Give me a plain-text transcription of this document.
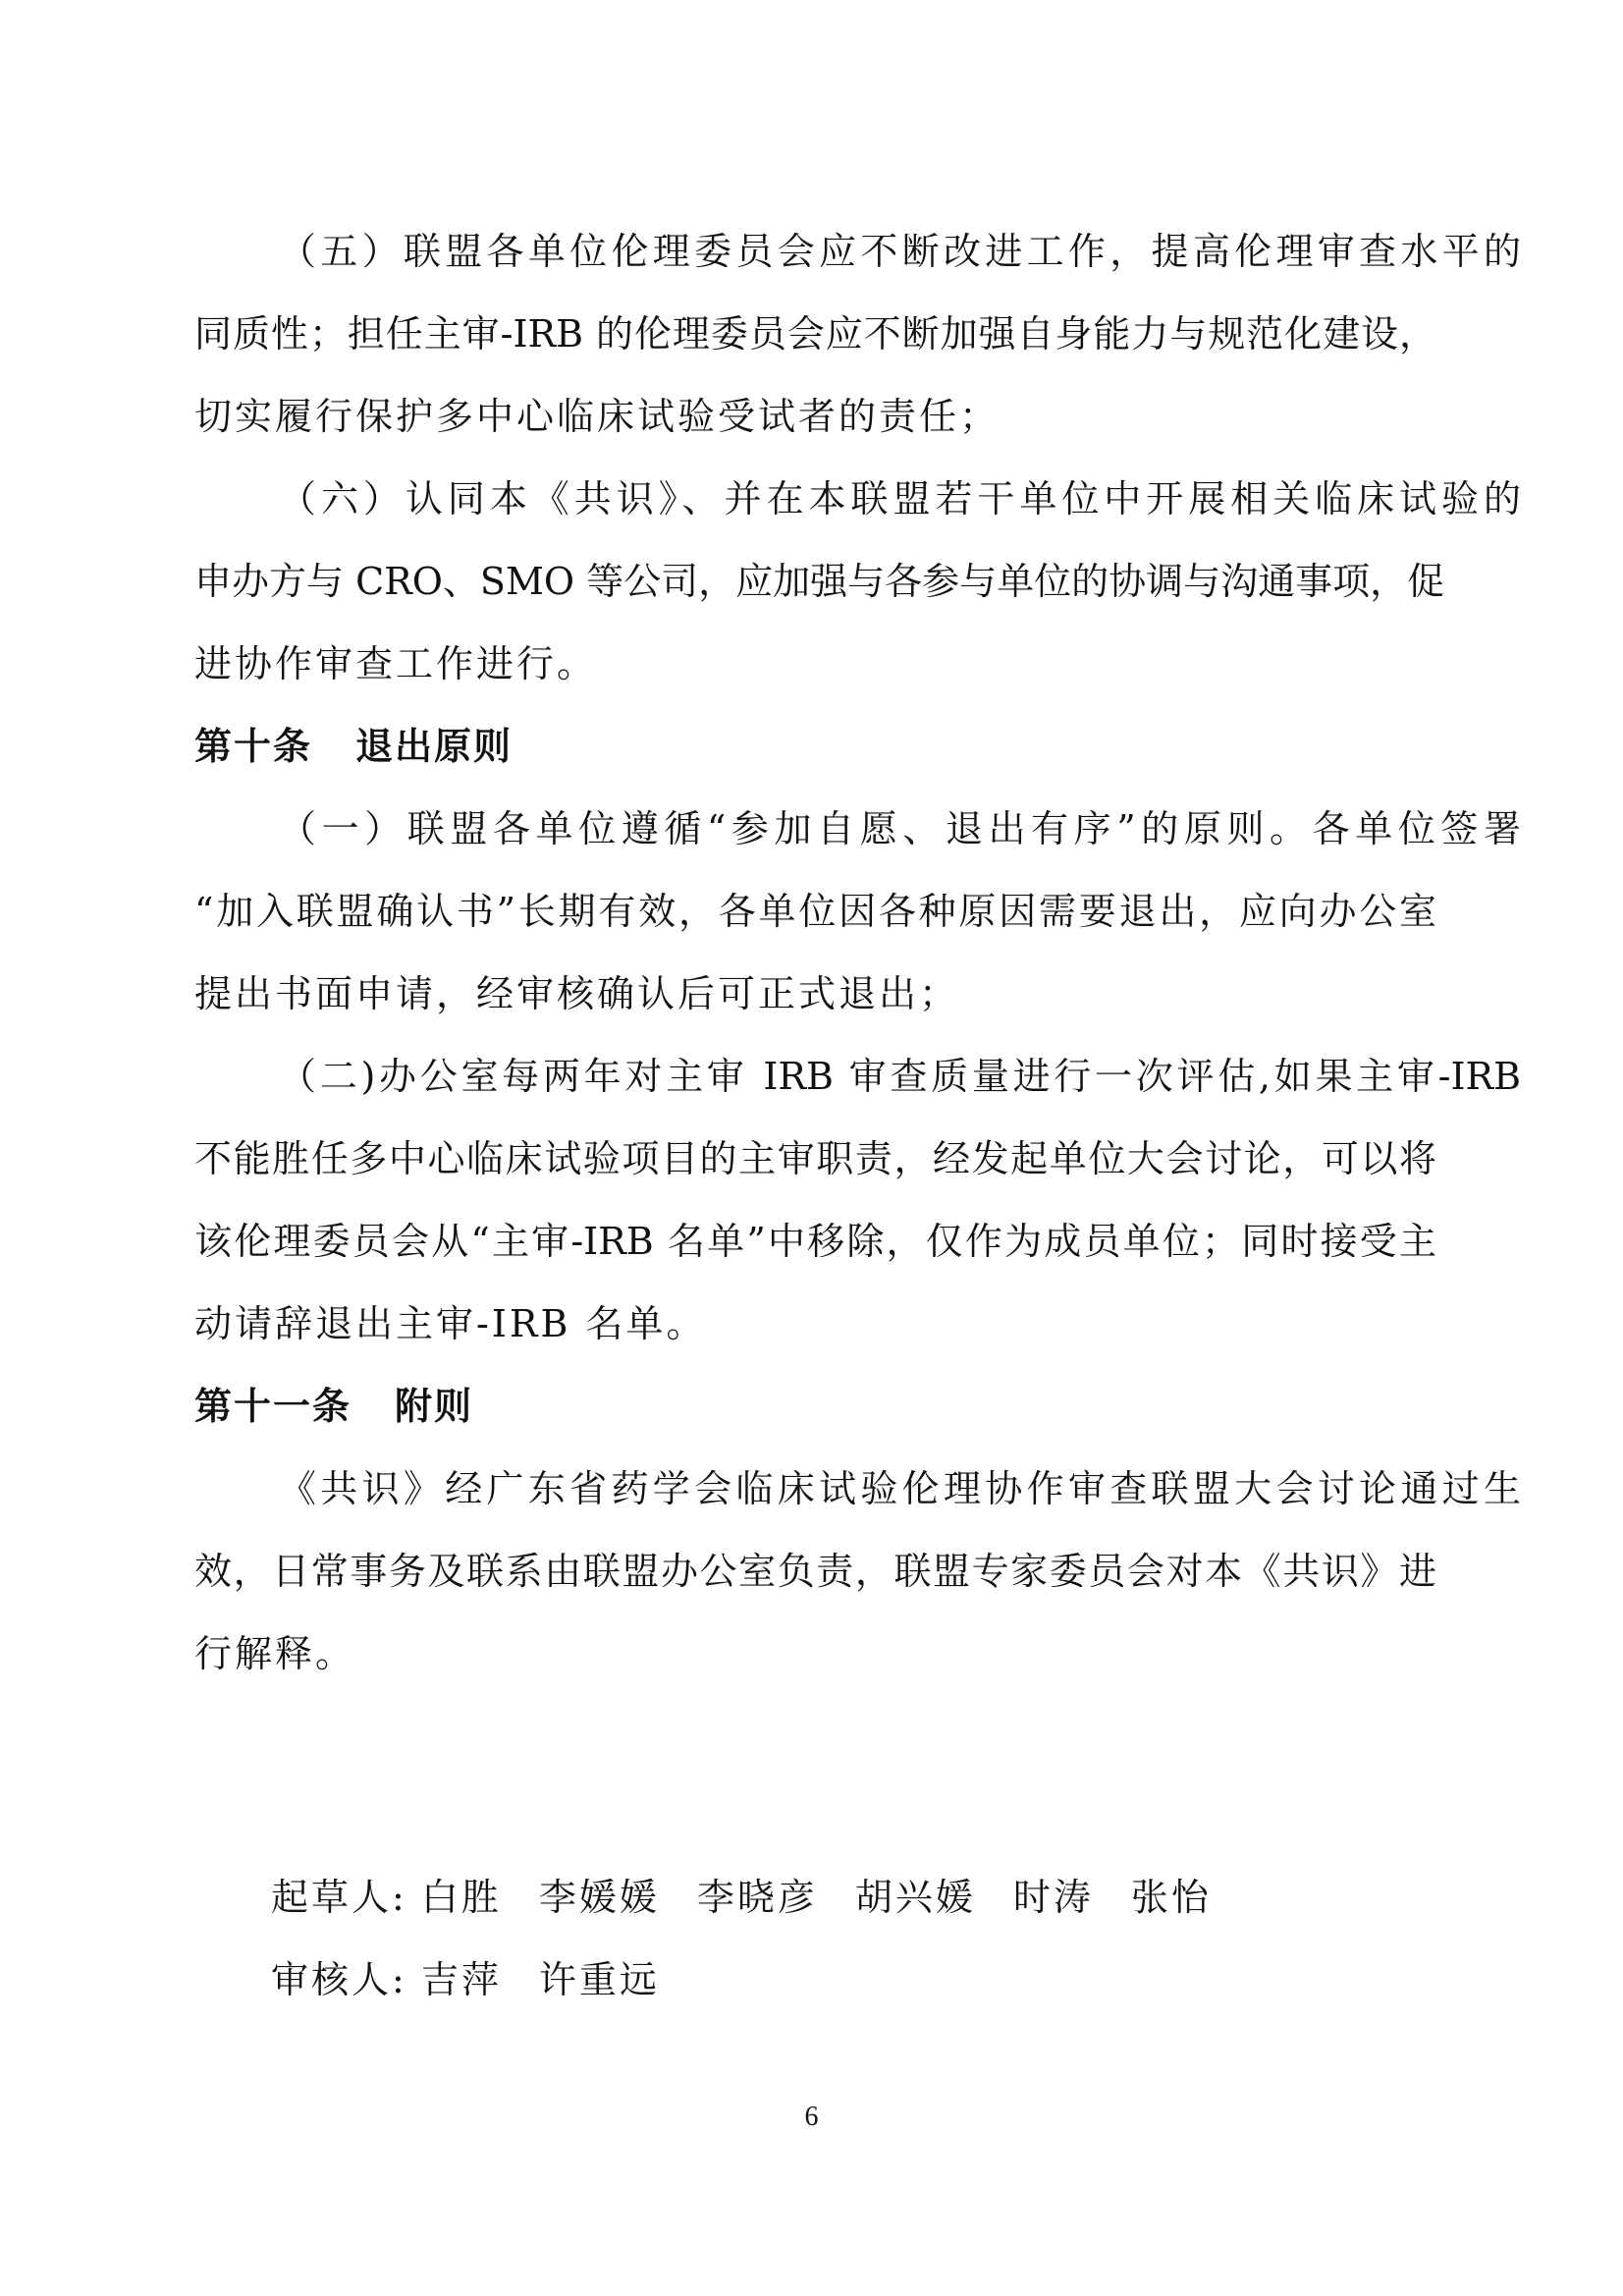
（五）联盟各单位伦理委员会应不断改进工作，提高伦理审查水平的
同质性；担任主审-IRB 的伦理委员会应不断加强自身能力与规范化建设，
切实履行保护多中心临床试验受试者的责任；
（六）认同本《共识》、并在本联盟若干单位中开展相关临床试验的
申办方与 CRO、SMO 等公司，应加强与各参与单位的协调与沟通事项，促
进协作审查工作进行。
第十条 退出原则
（一）联盟各单位遵循“参加自愿、退出有序”的原则。各单位签署
“加入联盟确认书”长期有效，各单位因各种原因需要退出，应向办公室
提出书面申请，经审核确认后可正式退出；
（二)办公室每两年对主审 IRB 审查质量进行一次评估,如果主审-IRB
不能胜任多中心临床试验项目的主审职责，经发起单位大会讨论，可以将
该伦理委员会从“主审-IRB 名单”中移除，仅作为成员单位；同时接受主
动请辞退出主审-IRB 名单。
第十一条 附则
《共识》经广东省药学会临床试验伦理协作审查联盟大会讨论通过生
效，日常事务及联系由联盟办公室负责，联盟专家委员会对本《共识》进
行解释。
起草人: 白胜 李媛媛 李晓彦 胡兴媛 时涛 张怡
审核人: 吉萍 许重远
6
